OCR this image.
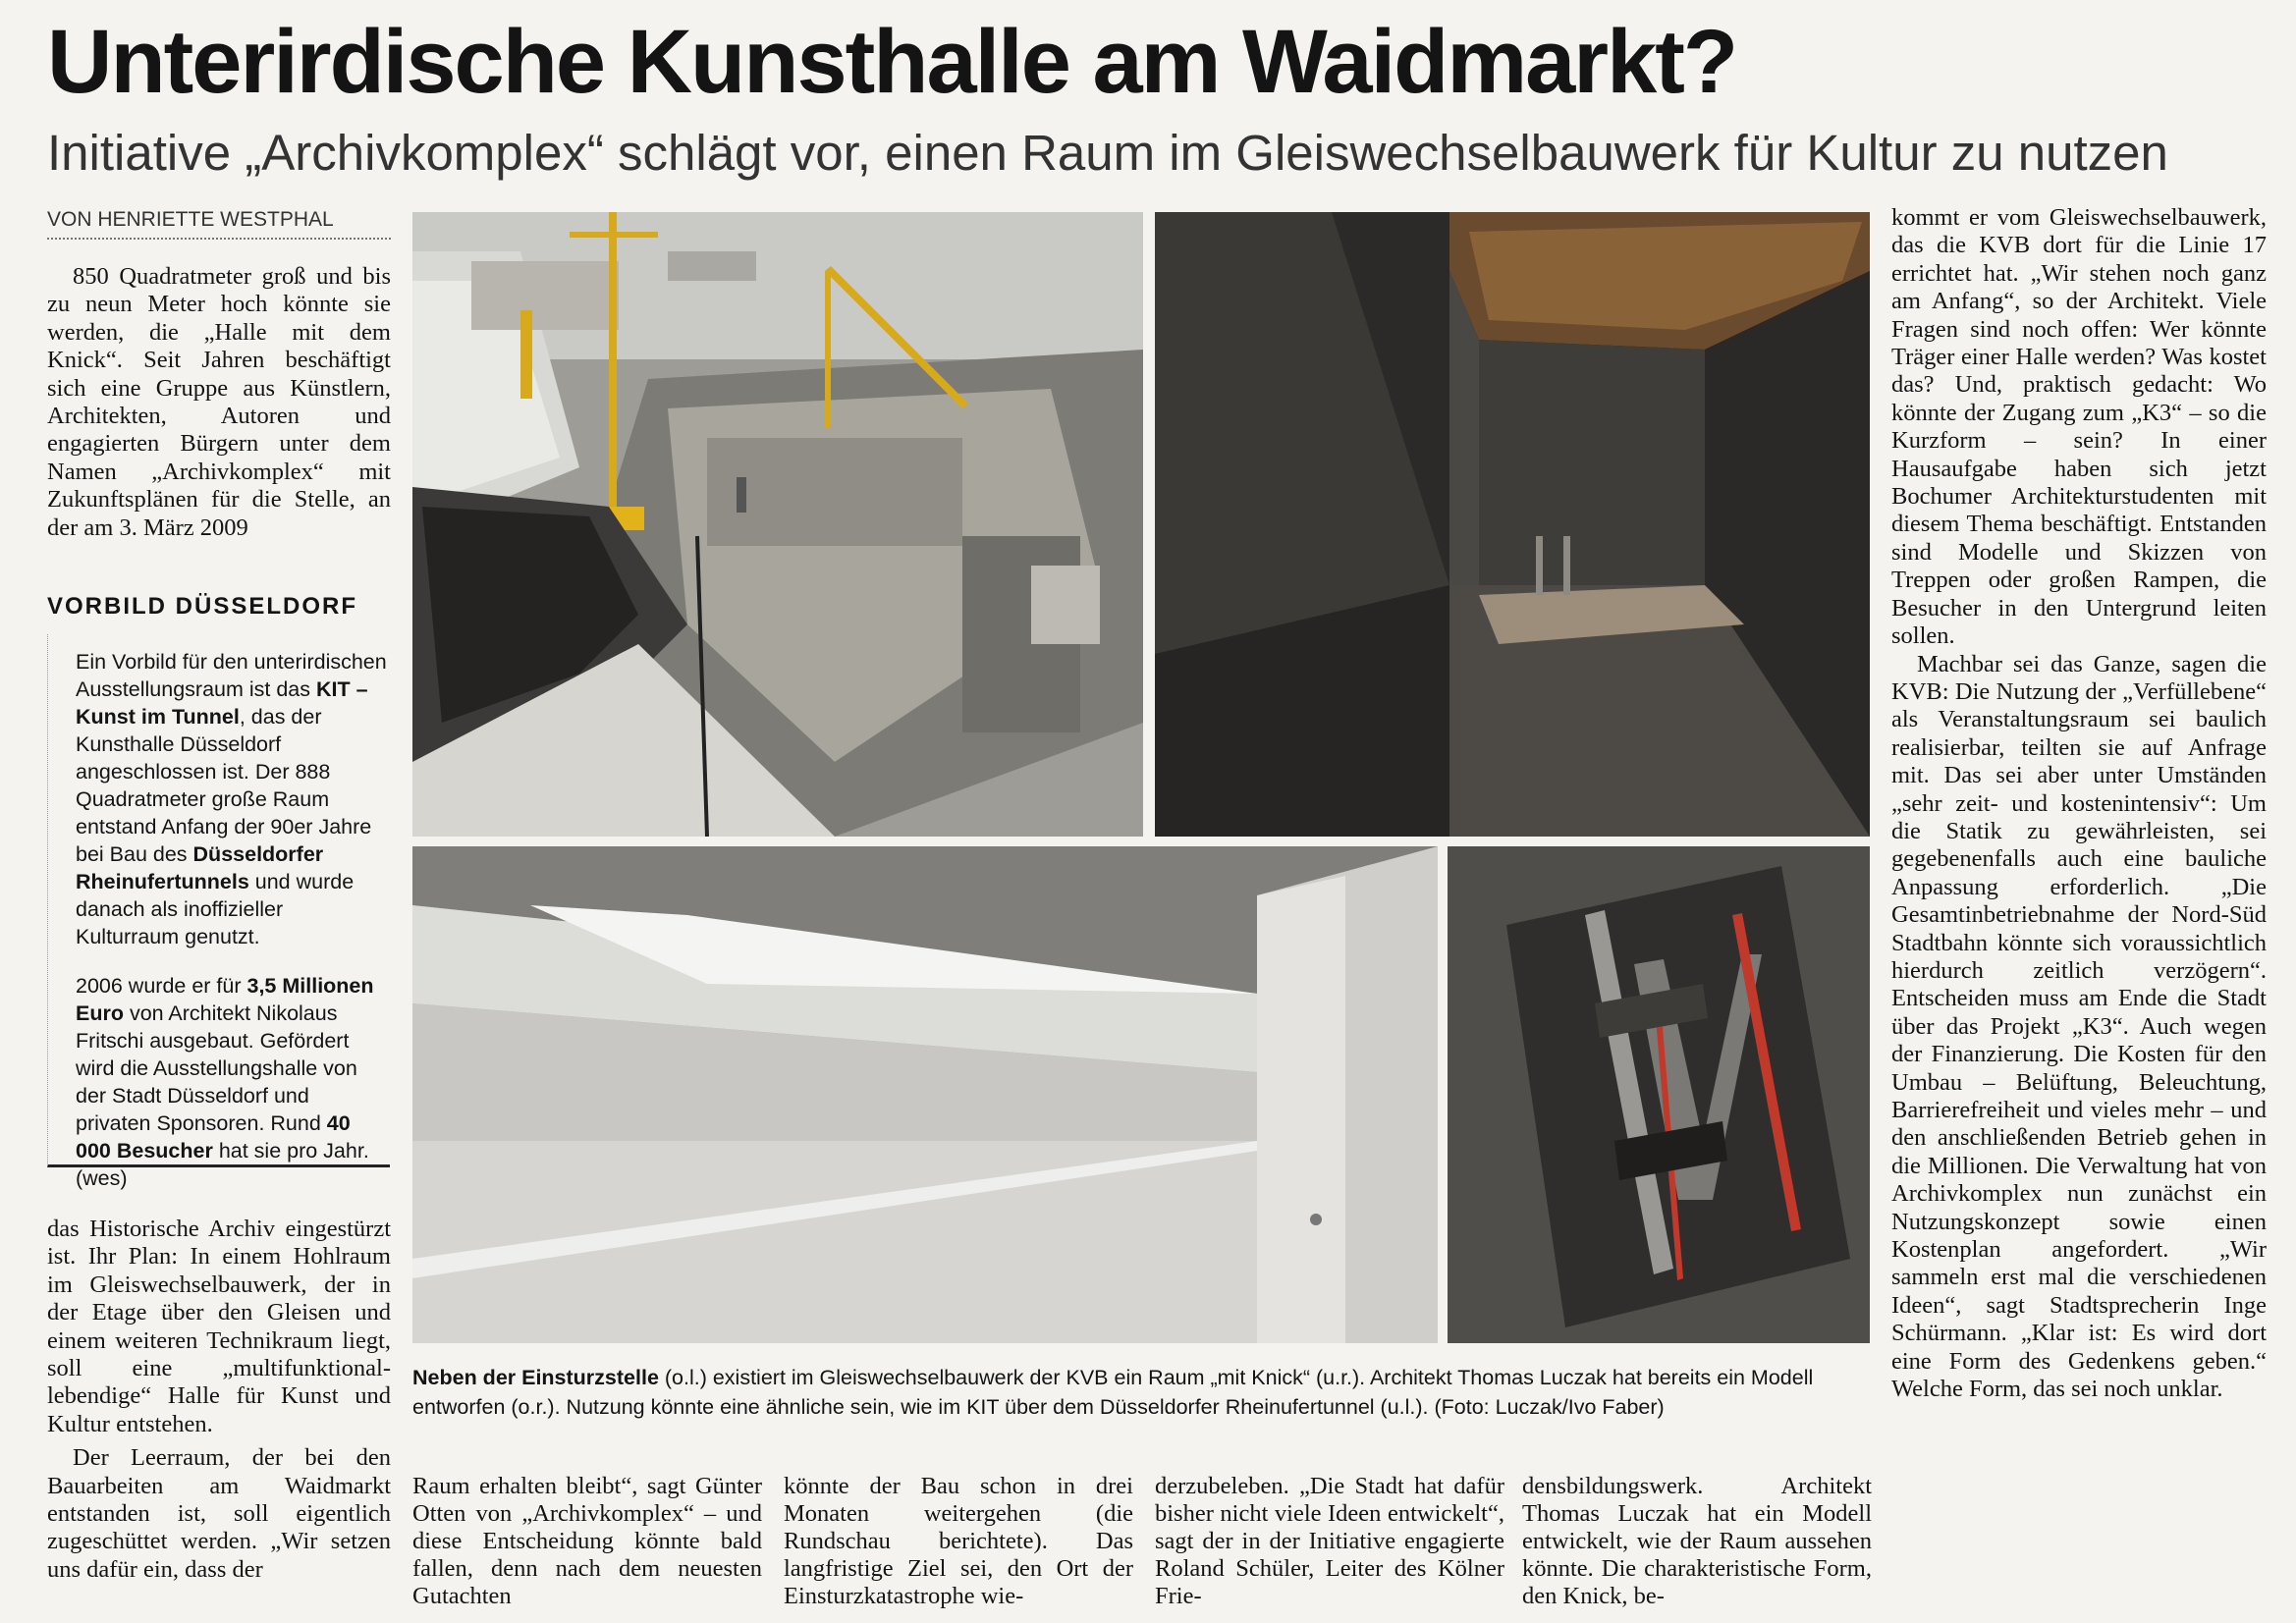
Unterirdische Kunsthalle am Waidmarkt?
Initiative „Archivkomplex“ schlägt vor, einen Raum im Gleiswechselbauwerk für Kultur zu nutzen
VON HENRIETTE WESTPHAL

850 Quadratmeter groß und bis zu neun Meter hoch könnte sie werden, die „Halle mit dem Knick“. Seit Jahren beschäftigt sich eine Gruppe aus Künstlern, Architekten, Autoren und engagierten Bürgern unter dem Namen „Archivkomplex“ mit Zukunftsplänen für die Stelle, an der am 3. März 2009

VORBILD DÜSSELDORF

Ein Vorbild für den unterirdischen Ausstellungsraum ist das KIT – Kunst im Tunnel, das der Kunsthalle Düsseldorf angeschlossen ist. Der 888 Quadratmeter große Raum entstand Anfang der 90er Jahre bei Bau des Düsseldorfer Rheinufertunnels und wurde danach als inoffizieller Kulturraum genutzt.

2006 wurde er für 3,5 Millionen Euro von Architekt Nikolaus Fritschi ausgebaut. Gefördert wird die Ausstellungshalle von der Stadt Düsseldorf und privaten Sponsoren. Rund 40 000 Besucher hat sie pro Jahr. (wes)

das Historische Archiv eingestürzt ist. Ihr Plan: In einem Hohlraum im Gleiswechselbauwerk, der in der Etage über den Gleisen und einem weiteren Technikraum liegt, soll eine „multifunktional-lebendige“ Halle für Kunst und Kultur entstehen.

Der Leerraum, der bei den Bauarbeiten am Waidmarkt entstanden ist, soll eigentlich zugeschüttet werden. „Wir setzen uns dafür ein, dass der

Neben der Einsturzstelle (o.l.) existiert im Gleiswechselbauwerk der KVB ein Raum „mit Knick“ (u.r.). Architekt Thomas Luczak hat bereits ein Modell entworfen (o.r.). Nutzung könnte eine ähnliche sein, wie im KIT über dem Düsseldorfer Rheinufertunnel (u.l.). (Foto: Luczak/Ivo Faber)

kommt er vom Gleiswechselbauwerk, das die KVB dort für die Linie 17 errichtet hat. „Wir stehen noch ganz am Anfang“, so der Architekt. Viele Fragen sind noch offen: Wer könnte Träger einer Halle werden? Was kostet das? Und, praktisch gedacht: Wo könnte der Zugang zum „K3“ – so die Kurzform – sein? In einer Hausaufgabe haben sich jetzt Bochumer Architekturstudenten mit diesem Thema beschäftigt. Entstanden sind Modelle und Skizzen von Treppen oder großen Rampen, die Besucher in den Untergrund leiten sollen.

Machbar sei das Ganze, sagen die KVB: Die Nutzung der „Verfüllebene“ als Veranstaltungsraum sei baulich realisierbar, teilten sie auf Anfrage mit. Das sei aber unter Umständen „sehr zeit- und kostenintensiv“: Um die Statik zu gewährleisten, sei gegebenenfalls auch eine bauliche Anpassung erforderlich. „Die Gesamtinbetriebnahme der Nord-Süd Stadtbahn könnte sich voraussichtlich hierdurch zeitlich verzögern“. Entscheiden muss am Ende die Stadt über das Projekt „K3“. Auch wegen der Finanzierung. Die Kosten für den Umbau – Belüftung, Beleuchtung, Barrierefreiheit und vieles mehr – und den anschließenden Betrieb gehen in die Millionen. Die Verwaltung hat von Archivkomplex nun zunächst ein Nutzungskonzept sowie einen Kostenplan angefordert. „Wir sammeln erst mal die verschiedenen Ideen“, sagt Stadtsprecherin Inge Schürmann. „Klar ist: Es wird dort eine Form des Gedenkens geben.“ Welche Form, das sei noch unklar.

Raum erhalten bleibt“, sagt Günter Otten von „Archivkomplex“ – und diese Entscheidung könnte bald fallen, denn nach dem neuesten Gutachten
könnte der Bau schon in drei Monaten weitergehen (die Rundschau berichtete). Das langfristige Ziel sei, den Ort der Einsturzkatastrophe wie-
derzubeleben. „Die Stadt hat dafür bisher nicht viele Ideen entwickelt“, sagt der in der Initiative engagierte Roland Schüler, Leiter des Kölner Frie-
densbildungswerk. Architekt Thomas Luczak hat ein Modell entwickelt, wie der Raum aussehen könnte. Die charakteristische Form, den Knick, be-
